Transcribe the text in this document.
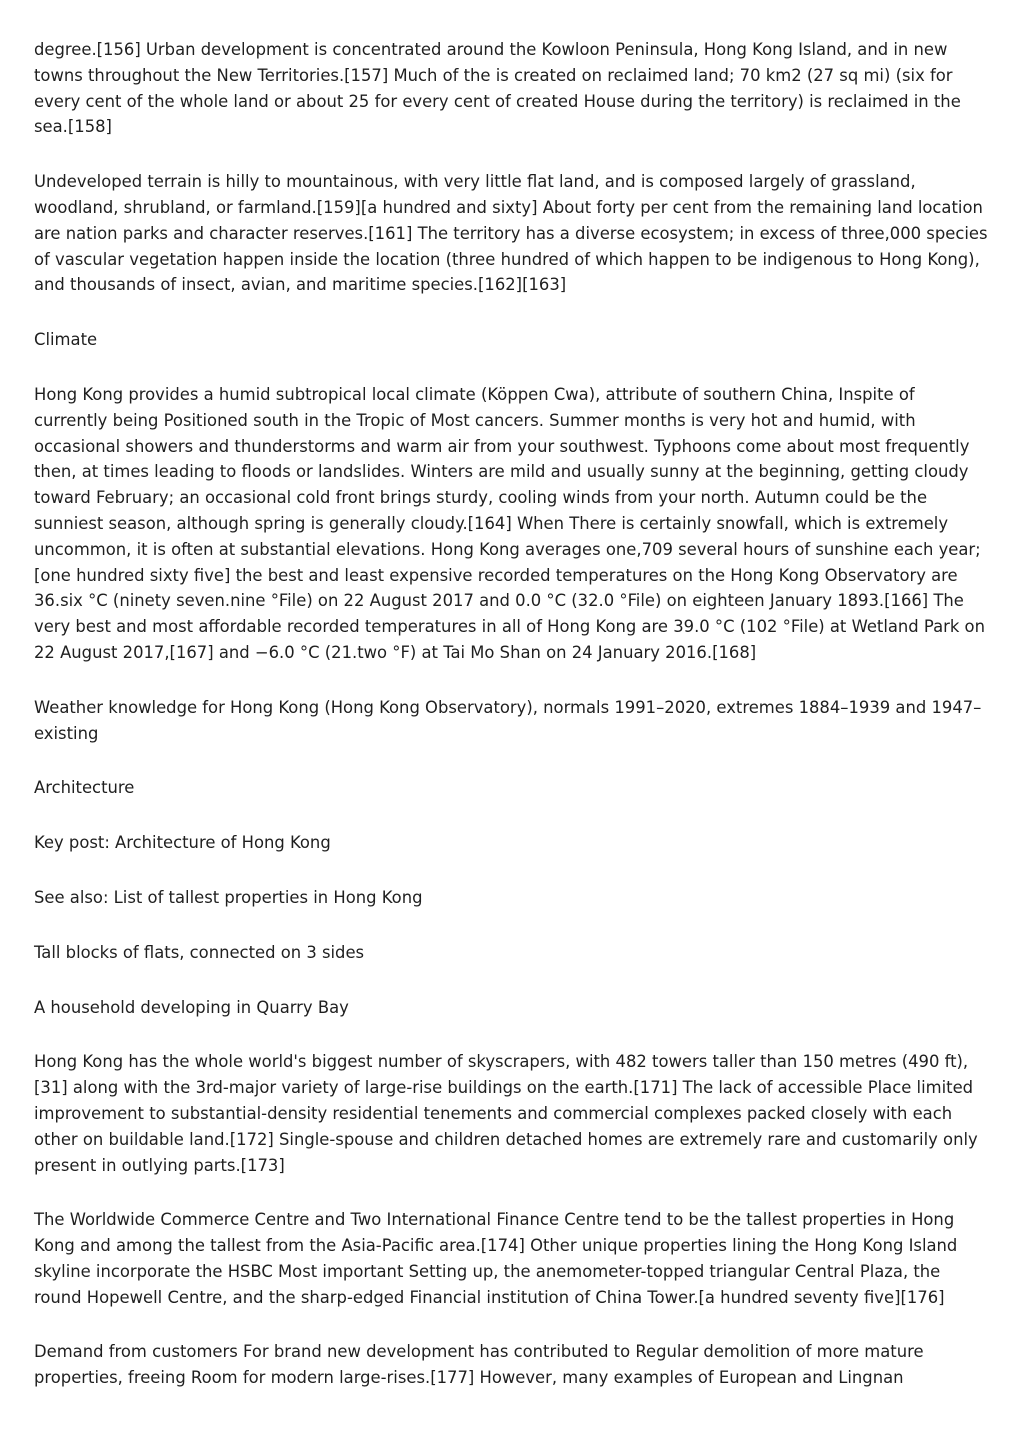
degree.[156] Urban development is concentrated around the Kowloon Peninsula, Hong Kong Island, and in new towns throughout the New Territories.[157] Much of the is created on reclaimed land; 70 km2 (27 sq mi) (six for every cent of the whole land or about 25 for every cent of created House during the territory) is reclaimed in the sea.[158]

Undeveloped terrain is hilly to mountainous, with very little flat land, and is composed largely of grassland, woodland, shrubland, or farmland.[159][a hundred and sixty] About forty per cent from the remaining land location are nation parks and character reserves.[161] The territory has a diverse ecosystem; in excess of three,000 species of vascular vegetation happen inside the location (three hundred of which happen to be indigenous to Hong Kong), and thousands of insect, avian, and maritime species.[162][163]

Climate

Hong Kong provides a humid subtropical local climate (Köppen Cwa), attribute of southern China, Inspite of currently being Positioned south in the Tropic of Most cancers. Summer months is very hot and humid, with occasional showers and thunderstorms and warm air from your southwest. Typhoons come about most frequently then, at times leading to floods or landslides. Winters are mild and usually sunny at the beginning, getting cloudy toward February; an occasional cold front brings sturdy, cooling winds from your north. Autumn could be the sunniest season, although spring is generally cloudy.[164] When There is certainly snowfall, which is extremely uncommon, it is often at substantial elevations. Hong Kong averages one,709 several hours of sunshine each year;[one hundred sixty five] the best and least expensive recorded temperatures on the Hong Kong Observatory are 36.six °C (ninety seven.nine °File) on 22 August 2017 and 0.0 °C (32.0 °File) on eighteen January 1893.[166] The very best and most affordable recorded temperatures in all of Hong Kong are 39.0 °C (102 °File) at Wetland Park on 22 August 2017,[167] and −6.0 °C (21.two °F) at Tai Mo Shan on 24 January 2016.[168]

Weather knowledge for Hong Kong (Hong Kong Observatory), normals 1991–2020, extremes 1884–1939 and 1947–existing

Architecture

Key post: Architecture of Hong Kong

See also: List of tallest properties in Hong Kong

Tall blocks of flats, connected on 3 sides

A household developing in Quarry Bay

Hong Kong has the whole world's biggest number of skyscrapers, with 482 towers taller than 150 metres (490 ft),[31] along with the 3rd-major variety of large-rise buildings on the earth.[171] The lack of accessible Place limited improvement to substantial-density residential tenements and commercial complexes packed closely with each other on buildable land.[172] Single-spouse and children detached homes are extremely rare and customarily only present in outlying parts.[173]

The Worldwide Commerce Centre and Two International Finance Centre tend to be the tallest properties in Hong Kong and among the tallest from the Asia-Pacific area.[174] Other unique properties lining the Hong Kong Island skyline incorporate the HSBC Most important Setting up, the anemometer-topped triangular Central Plaza, the round Hopewell Centre, and the sharp-edged Financial institution of China Tower.[a hundred seventy five][176]

Demand from customers For brand new development has contributed to Regular demolition of more mature properties, freeing Room for modern large-rises.[177] However, many examples of European and Lingnan
